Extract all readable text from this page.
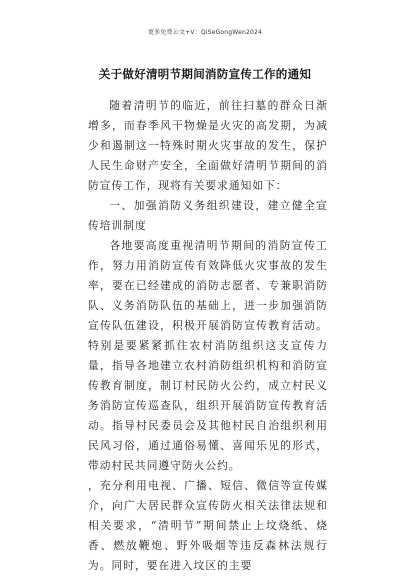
更多免费公文+V：QiSeGongWen2024
关于做好清明节期间消防宣传工作的通知

随着清明节的临近，前往扫墓的群众日渐增多，而春季风干物燥是火灾的高发期，为减少和遏制这一特殊时期火灾事故的发生，保护人民生命财产安全，全面做好清明节期间的消防宣传工作，现将有关要求通知如下：

一、加强消防义务组织建设，建立健全宣传培训制度

各地要高度重视清明节期间的消防宣传工作，努力用消防宣传有效降低火灾事故的发生率，要在已经建成的消防志愿者、专兼职消防队、义务消防队伍的基础上，进一步加强消防宣传队伍建设，积极开展消防宣传教育活动。特别是要紧紧抓住农村消防组织这支宣传力量，指导各地建立农村消防组织机构和消防宣传教育制度，制订村民防火公约，成立村民义务消防宣传巡查队，组织开展消防宣传教育活动。指导村民委员会及其他村民自治组织利用民风习俗，通过通俗易懂、喜闻乐见的形式，带动村民共同遵守防火公约。

，充分利用电视、广播、短信、微信等宣传媒介，向广大居民群众宣传防火相关法律法规和相关要求，“清明节”期间禁止上坟烧纸、烧香、燃放鞭炮、野外吸烟等违反森林法规行为。同时，要在进入坟区的主要
